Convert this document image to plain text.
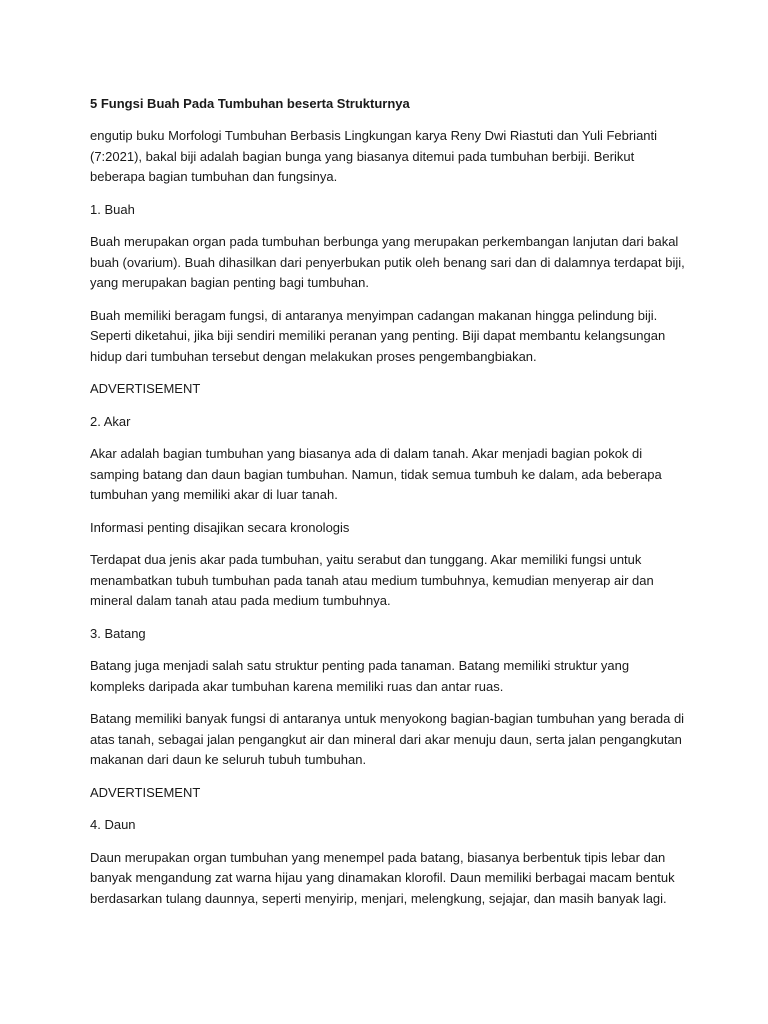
5 Fungsi Buah Pada Tumbuhan beserta Strukturnya

engutip buku Morfologi Tumbuhan Berbasis Lingkungan karya Reny Dwi Riastuti dan Yuli Febrianti (7:2021), bakal biji adalah bagian bunga yang biasanya ditemui pada tumbuhan berbiji. Berikut beberapa bagian tumbuhan dan fungsinya.

1. Buah

Buah merupakan organ pada tumbuhan berbunga yang merupakan perkembangan lanjutan dari bakal buah (ovarium). Buah dihasilkan dari penyerbukan putik oleh benang sari dan di dalamnya terdapat biji, yang merupakan bagian penting bagi tumbuhan.

Buah memiliki beragam fungsi, di antaranya menyimpan cadangan makanan hingga pelindung biji. Seperti diketahui, jika biji sendiri memiliki peranan yang penting. Biji dapat membantu kelangsungan hidup dari tumbuhan tersebut dengan melakukan proses pengembangbiakan.

ADVERTISEMENT

2. Akar

Akar adalah bagian tumbuhan yang biasanya ada di dalam tanah. Akar menjadi bagian pokok di samping batang dan daun bagian tumbuhan. Namun, tidak semua tumbuh ke dalam, ada beberapa tumbuhan yang memiliki akar di luar tanah.

Informasi penting disajikan secara kronologis

Terdapat dua jenis akar pada tumbuhan, yaitu serabut dan tunggang. Akar memiliki fungsi untuk menambatkan tubuh tumbuhan pada tanah atau medium tumbuhnya, kemudian menyerap air dan mineral dalam tanah atau pada medium tumbuhnya.

3. Batang

Batang juga menjadi salah satu struktur penting pada tanaman. Batang memiliki struktur yang kompleks daripada akar tumbuhan karena memiliki ruas dan antar ruas.

Batang memiliki banyak fungsi di antaranya untuk menyokong bagian-bagian tumbuhan yang berada di atas tanah, sebagai jalan pengangkut air dan mineral dari akar menuju daun, serta jalan pengangkutan makanan dari daun ke seluruh tubuh tumbuhan.

ADVERTISEMENT

4. Daun

Daun merupakan organ tumbuhan yang menempel pada batang, biasanya berbentuk tipis lebar dan banyak mengandung zat warna hijau yang dinamakan klorofil. Daun memiliki berbagai macam bentuk berdasarkan tulang daunnya, seperti menyirip, menjari, melengkung, sejajar, dan masih banyak lagi.
